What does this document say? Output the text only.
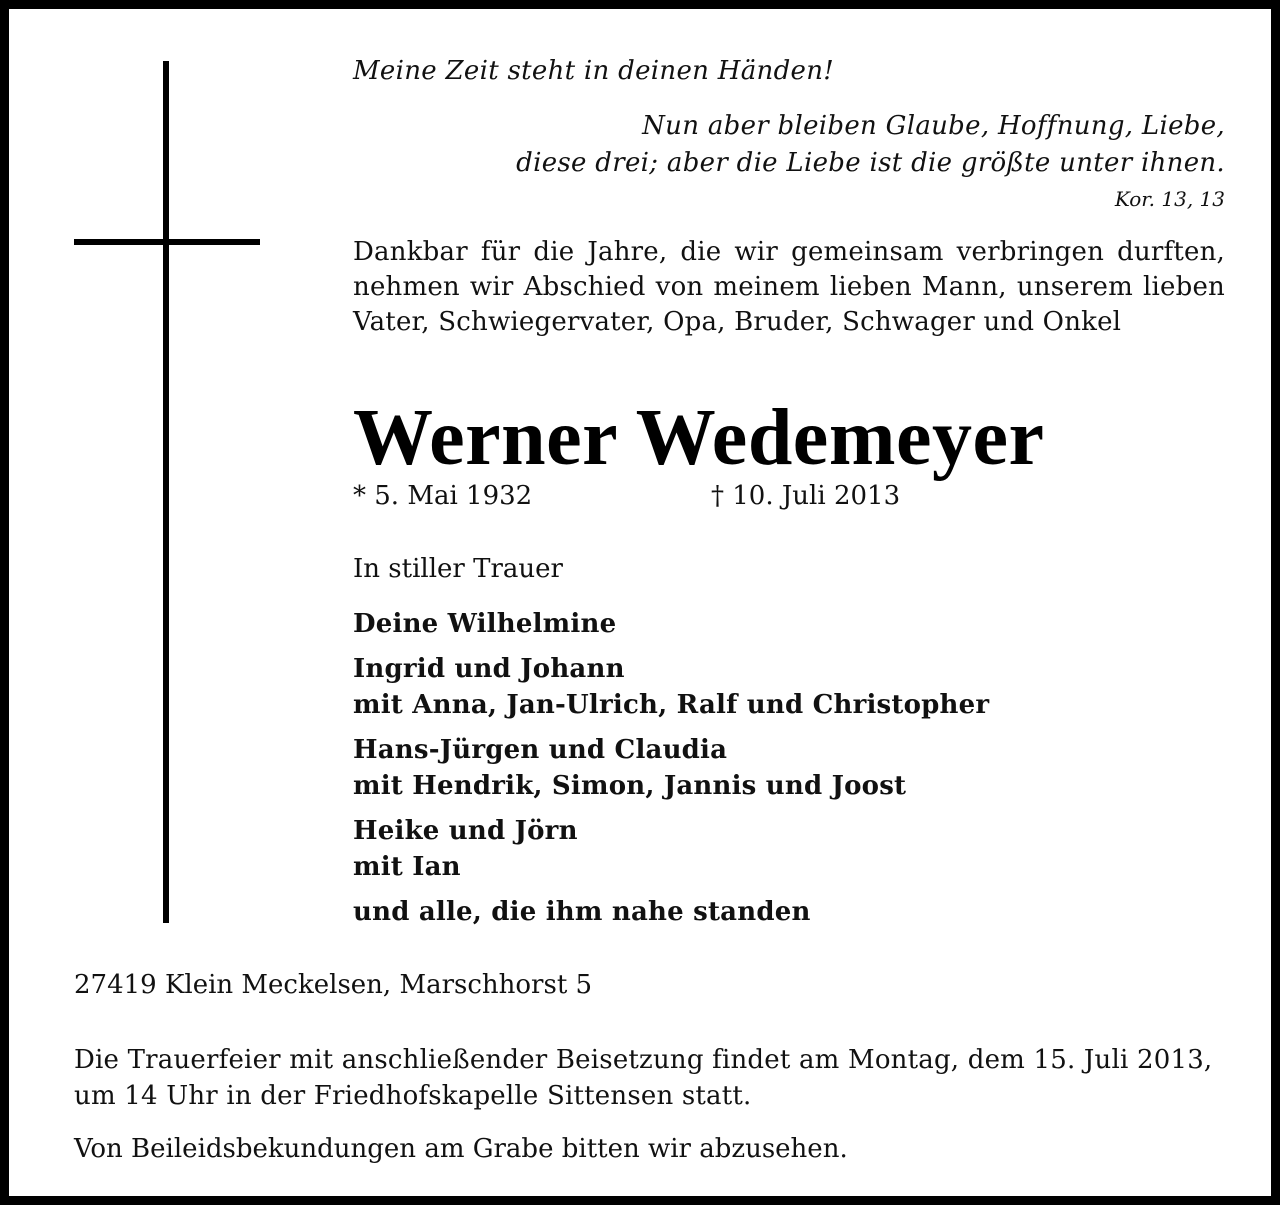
Meine Zeit steht in deinen Händen!
Nun aber bleiben Glaube, Hoffnung, Liebe,
diese drei; aber die Liebe ist die größte unter ihnen.
Kor. 13, 13
Dankbar für die Jahre, die wir gemeinsam verbringen durften, nehmen wir Abschied von meinem lieben Mann, unserem lieben Vater, Schwiegervater, Opa, Bruder, Schwager und Onkel
Werner Wedemeyer
* 5. Mai 1932	† 10. Juli 2013
In stiller Trauer
Deine Wilhelmine
Ingrid und Johann
mit Anna, Jan-Ulrich, Ralf und Christopher
Hans-Jürgen und Claudia
mit Hendrik, Simon, Jannis und Joost
Heike und Jörn
mit Ian
und alle, die ihm nahe standen
27419 Klein Meckelsen, Marschhorst 5
Die Trauerfeier mit anschließender Beisetzung findet am Montag, dem 15. Juli 2013,
um 14 Uhr in der Friedhofskapelle Sittensen statt.
Von Beileidsbekundungen am Grabe bitten wir abzusehen.
